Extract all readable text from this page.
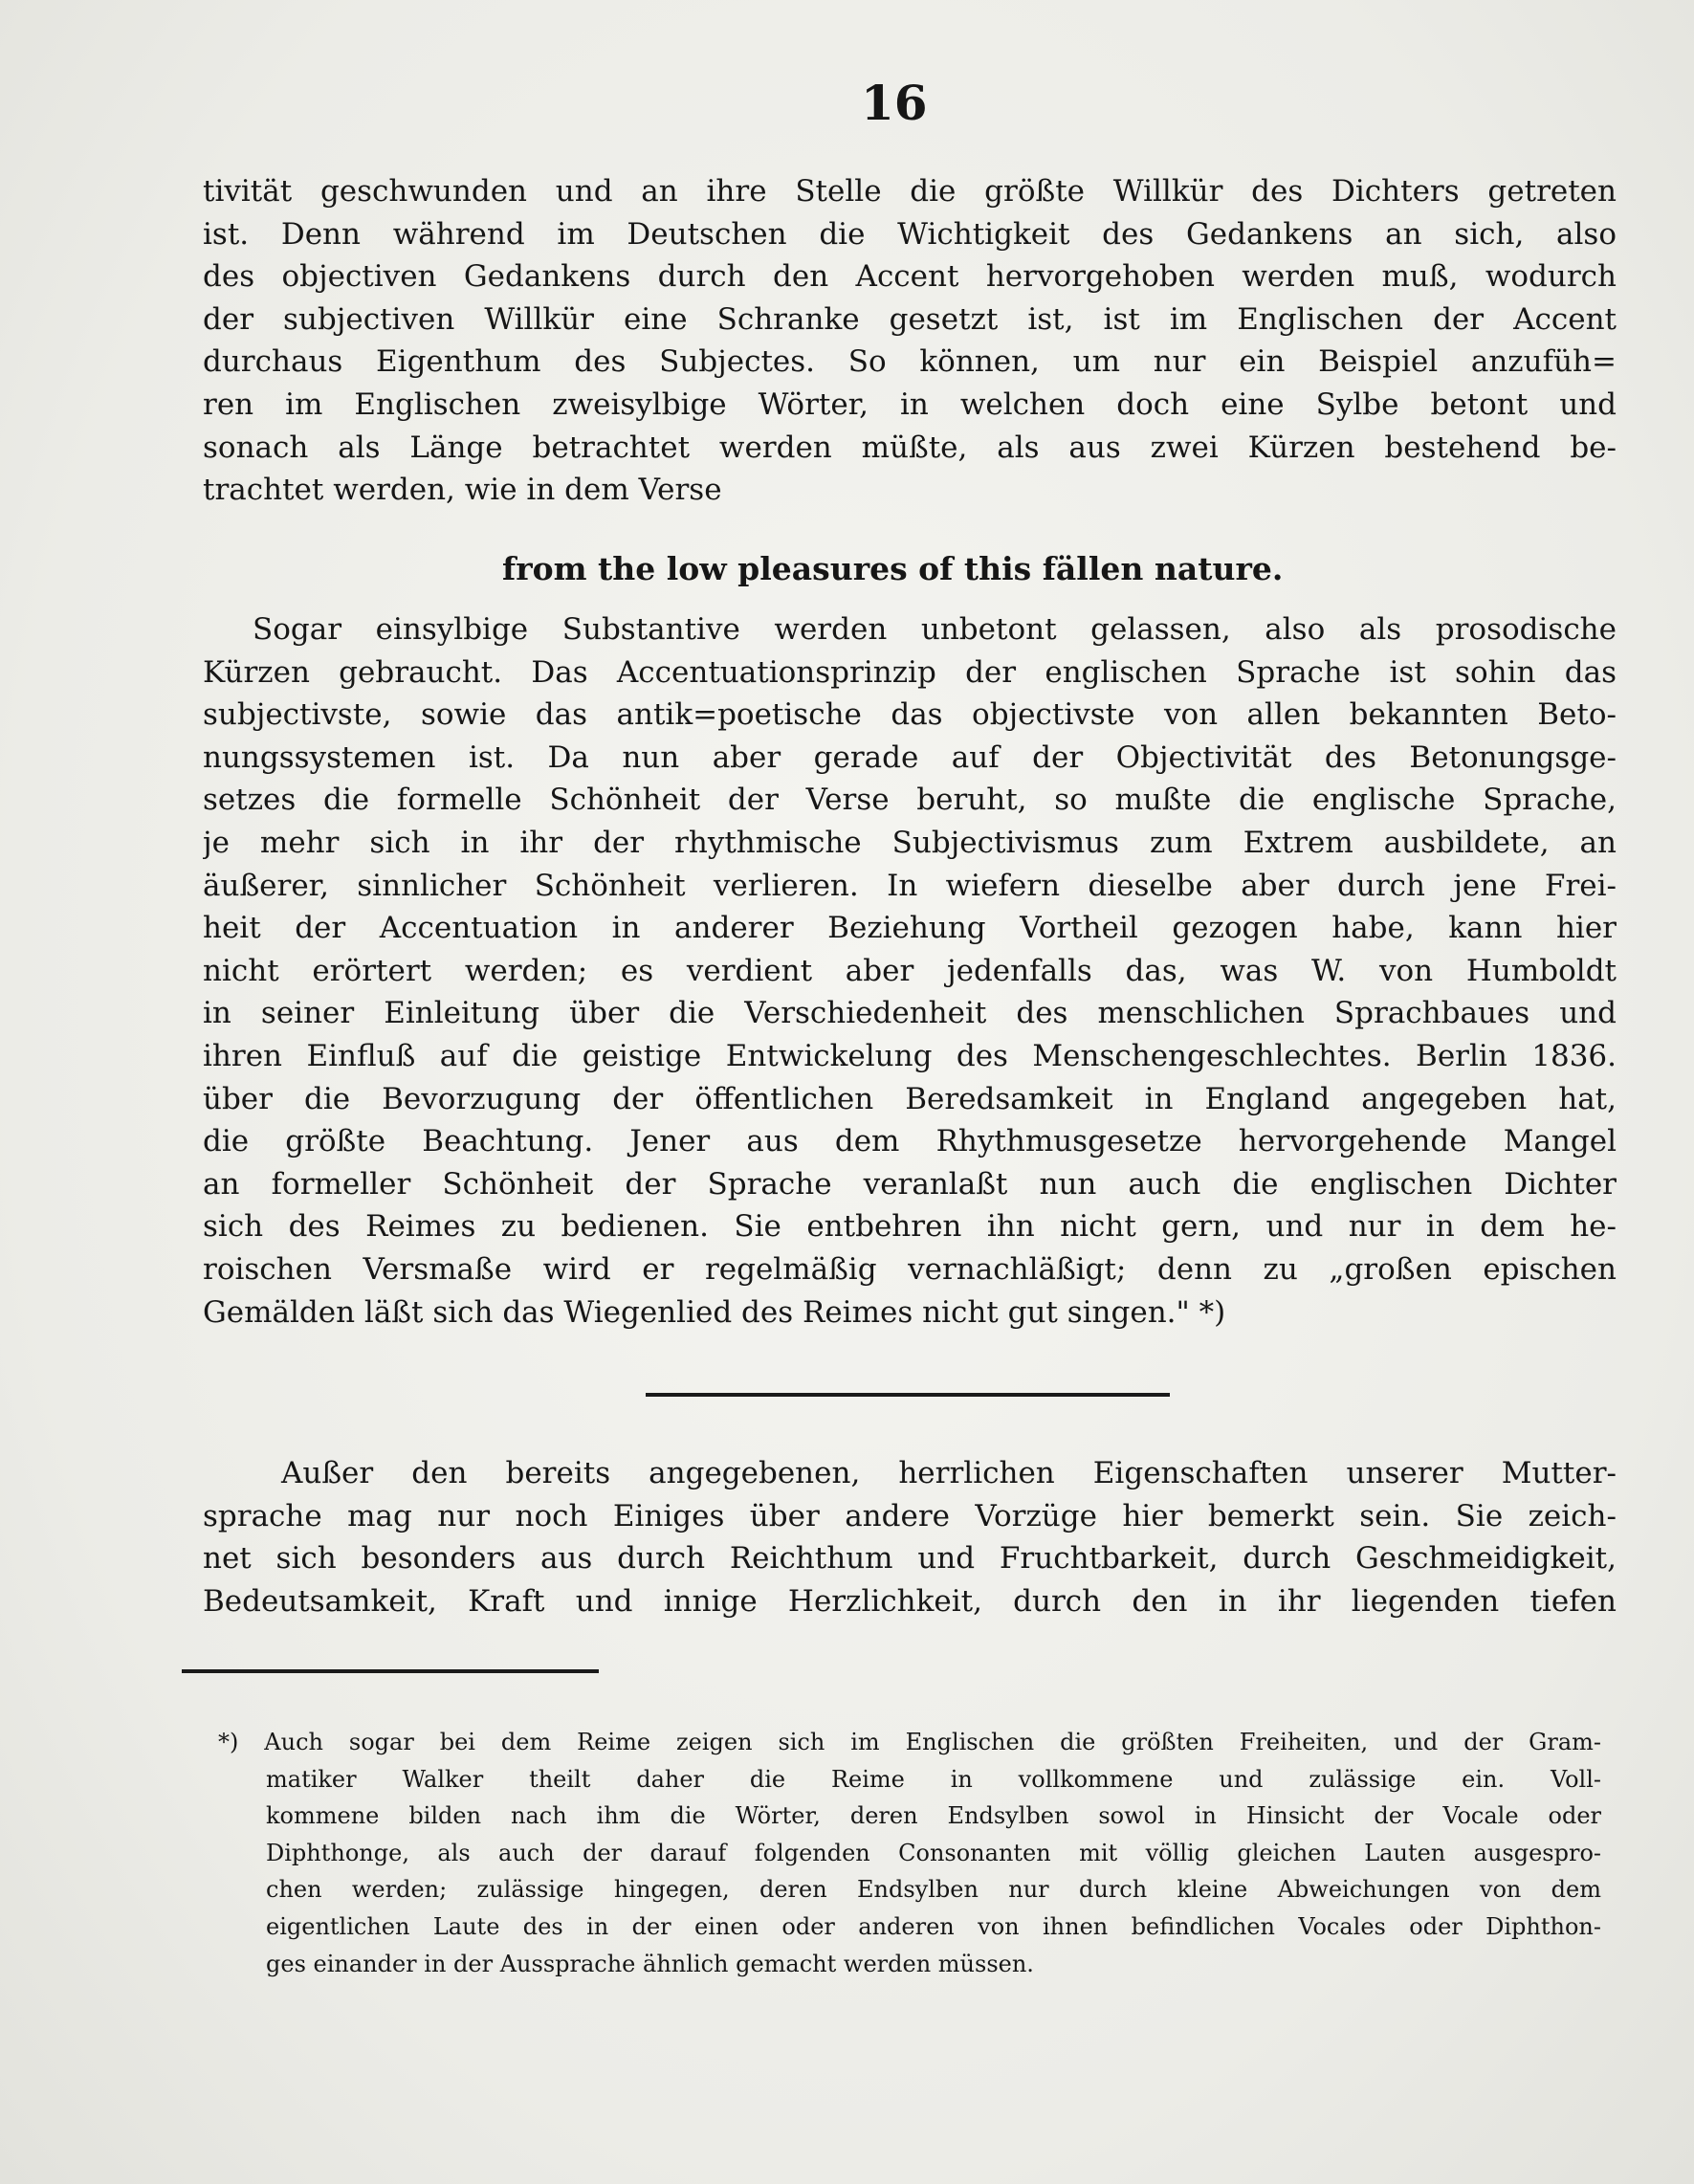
16
tivität geschwunden und an ihre Stelle die größte Willkür des Dichters getreten
ist. Denn während im Deutschen die Wichtigkeit des Gedankens an sich, also
des objectiven Gedankens durch den Accent hervorgehoben werden muß, wodurch
der subjectiven Willkür eine Schranke gesetzt ist, ist im Englischen der Accent
durchaus Eigenthum des Subjectes. So können, um nur ein Beispiel anzufüh=
ren im Englischen zweisylbige Wörter, in welchen doch eine Sylbe betont und
sonach als Länge betrachtet werden müßte, als aus zwei Kürzen bestehend be-
trachtet werden, wie in dem Verse
from the low pleasures of this fällen nature.
Sogar einsylbige Substantive werden unbetont gelassen, also als prosodische
Kürzen gebraucht. Das Accentuationsprinzip der englischen Sprache ist sohin das
subjectivste, sowie das antik=poetische das objectivste von allen bekannten Beto-
nungssystemen ist. Da nun aber gerade auf der Objectivität des Betonungsge-
setzes die formelle Schönheit der Verse beruht, so mußte die englische Sprache,
je mehr sich in ihr der rhythmische Subjectivismus zum Extrem ausbildete, an
äußerer, sinnlicher Schönheit verlieren. In wiefern dieselbe aber durch jene Frei-
heit der Accentuation in anderer Beziehung Vortheil gezogen habe, kann hier
nicht erörtert werden; es verdient aber jedenfalls das, was W. von Humboldt
in seiner Einleitung über die Verschiedenheit des menschlichen Sprachbaues und
ihren Einfluß auf die geistige Entwickelung des Menschengeschlechtes. Berlin 1836.
über die Bevorzugung der öffentlichen Beredsamkeit in England angegeben hat,
die größte Beachtung. Jener aus dem Rhythmusgesetze hervorgehende Mangel
an formeller Schönheit der Sprache veranlaßt nun auch die englischen Dichter
sich des Reimes zu bedienen. Sie entbehren ihn nicht gern, und nur in dem he-
roischen Versmaße wird er regelmäßig vernachläßigt; denn zu „großen epischen
Gemälden läßt sich das Wiegenlied des Reimes nicht gut singen." *)
Außer den bereits angegebenen, herrlichen Eigenschaften unserer Mutter-
sprache mag nur noch Einiges über andere Vorzüge hier bemerkt sein. Sie zeich-
net sich besonders aus durch Reichthum und Fruchtbarkeit, durch Geschmeidigkeit,
Bedeutsamkeit, Kraft und innige Herzlichkeit, durch den in ihr liegenden tiefen
*) Auch sogar bei dem Reime zeigen sich im Englischen die größten Freiheiten, und der Gram-
matiker Walker theilt daher die Reime in vollkommene und zulässige ein. Voll-
kommene bilden nach ihm die Wörter, deren Endsylben sowol in Hinsicht der Vocale oder
Diphthonge, als auch der darauf folgenden Consonanten mit völlig gleichen Lauten ausgespro-
chen werden; zulässige hingegen, deren Endsylben nur durch kleine Abweichungen von dem
eigentlichen Laute des in der einen oder anderen von ihnen befindlichen Vocales oder Diphthon-
ges einander in der Aussprache ähnlich gemacht werden müssen.
